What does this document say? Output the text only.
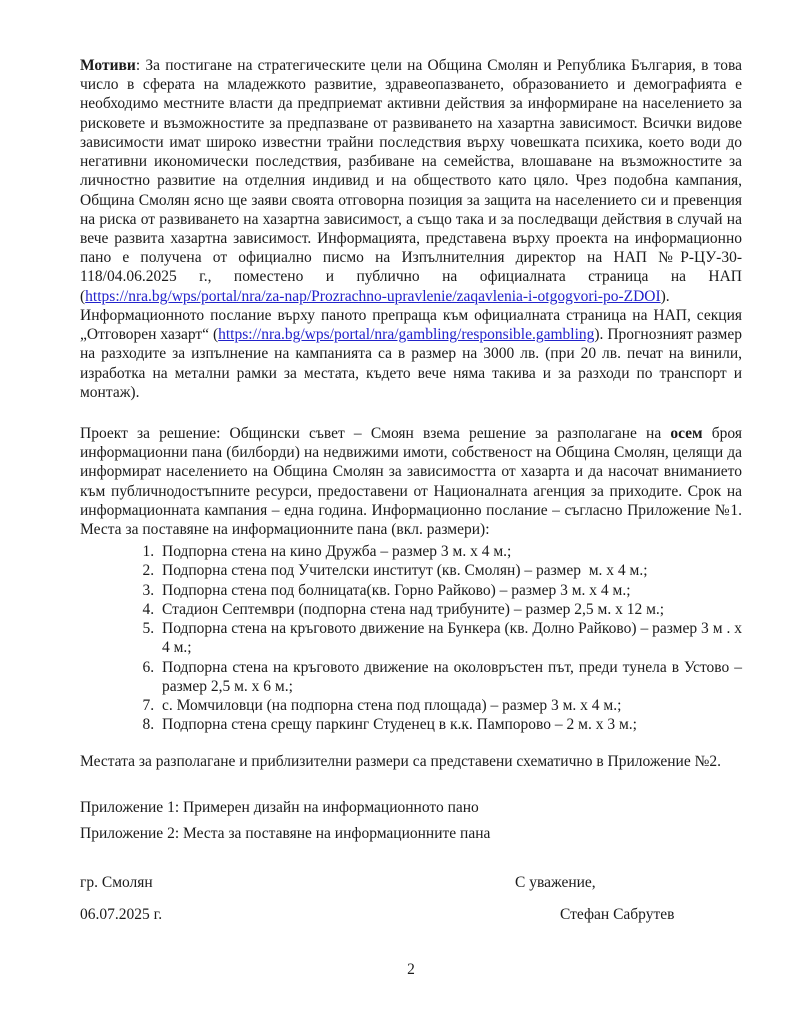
Мотиви: За постигане на стратегическите цели на Община Смолян и Република България, в това число в сферата на младежкото развитие, здравеопазването, образованието и демографията е необходимо местните власти да предприемат активни действия за информиране на населението за рисковете и възможностите за предпазване от развиването на хазартна зависимост. Всички видове зависимости имат широко известни трайни последствия върху човешката психика, което води до негативни икономически последствия, разбиване на семейства, влошаване на възможностите за личностно развитие на отделния индивид и на обществото като цяло. Чрез подобна кампания, Община Смолян ясно ще заяви своята отговорна позиция за защита на населението си и превенция на риска от развиването на хазартна зависимост, а също така и за последващи действия в случай на вече развита хазартна зависимост. Информацията, представена върху проекта на информационно пано е получена от официално писмо на Изпълнителния директор на НАП №Р-ЦУ-30-118/04.06.2025 г., поместено и публично на официалната страница на НАП (https://nra.bg/wps/portal/nra/za-nap/Prozrachno-upravlenie/zaqavlenia-i-otgogvori-po-ZDOI). Информационното послание върху паното препраща към официалната страница на НАП, секция „Отговорен хазарт“ (https://nra.bg/wps/portal/nra/gambling/responsible.gambling). Прогнозният размер на разходите за изпълнение на кампанията са в размер на 3000 лв. (при 20 лв. печат на винили, изработка на метални рамки за местата, където вече няма такива и за разходи по транспорт и монтаж).

Проект за решение: Общински съвет – Смоян взема решение за разполагане на осем броя информационни пана (билборди) на недвижими имоти, собственост на Община Смолян, целящи да информират населението на Община Смолян за зависимостта от хазарта и да насочат вниманието към публичнодостъпните ресурси, предоставени от Националната агенция за приходите. Срок на информационната кампания – една година. Информационно послание – съгласно Приложение №1. Места за поставяне на информационните пана (вкл. размери):

1. Подпорна стена на кино Дружба – размер 3 м. х 4 м.;
2. Подпорна стена под Учителски институт (кв. Смолян) – размер  м. х 4 м.;
3. Подпорна стена под болницата(кв. Горно Райково) – размер 3 м. х 4 м.;
4. Стадион Септември (подпорна стена над трибуните) – размер 2,5 м. х 12 м.;
5. Подпорна стена на кръговото движение на Бункера (кв. Долно Райково) – размер 3 м . х 4 м.;
6. Подпорна стена на кръговото движение на околовръстен път, преди тунела в Устово – размер 2,5 м. х 6 м.;
7. с. Момчиловци (на подпорна стена под площада) – размер 3 м. х 4 м.;
8. Подпорна стена срещу паркинг Студенец в к.к. Пампорово – 2 м. х 3 м.;

Местата за разполагане и приблизителни размери са представени схематично в Приложение №2.

Приложение 1: Примерен дизайн на информационното пано

Приложение 2: Места за поставяне на информационните пана

гр. Смолян	С уважение,
06.07.2025 г.	Стефан Сабрутев
2
